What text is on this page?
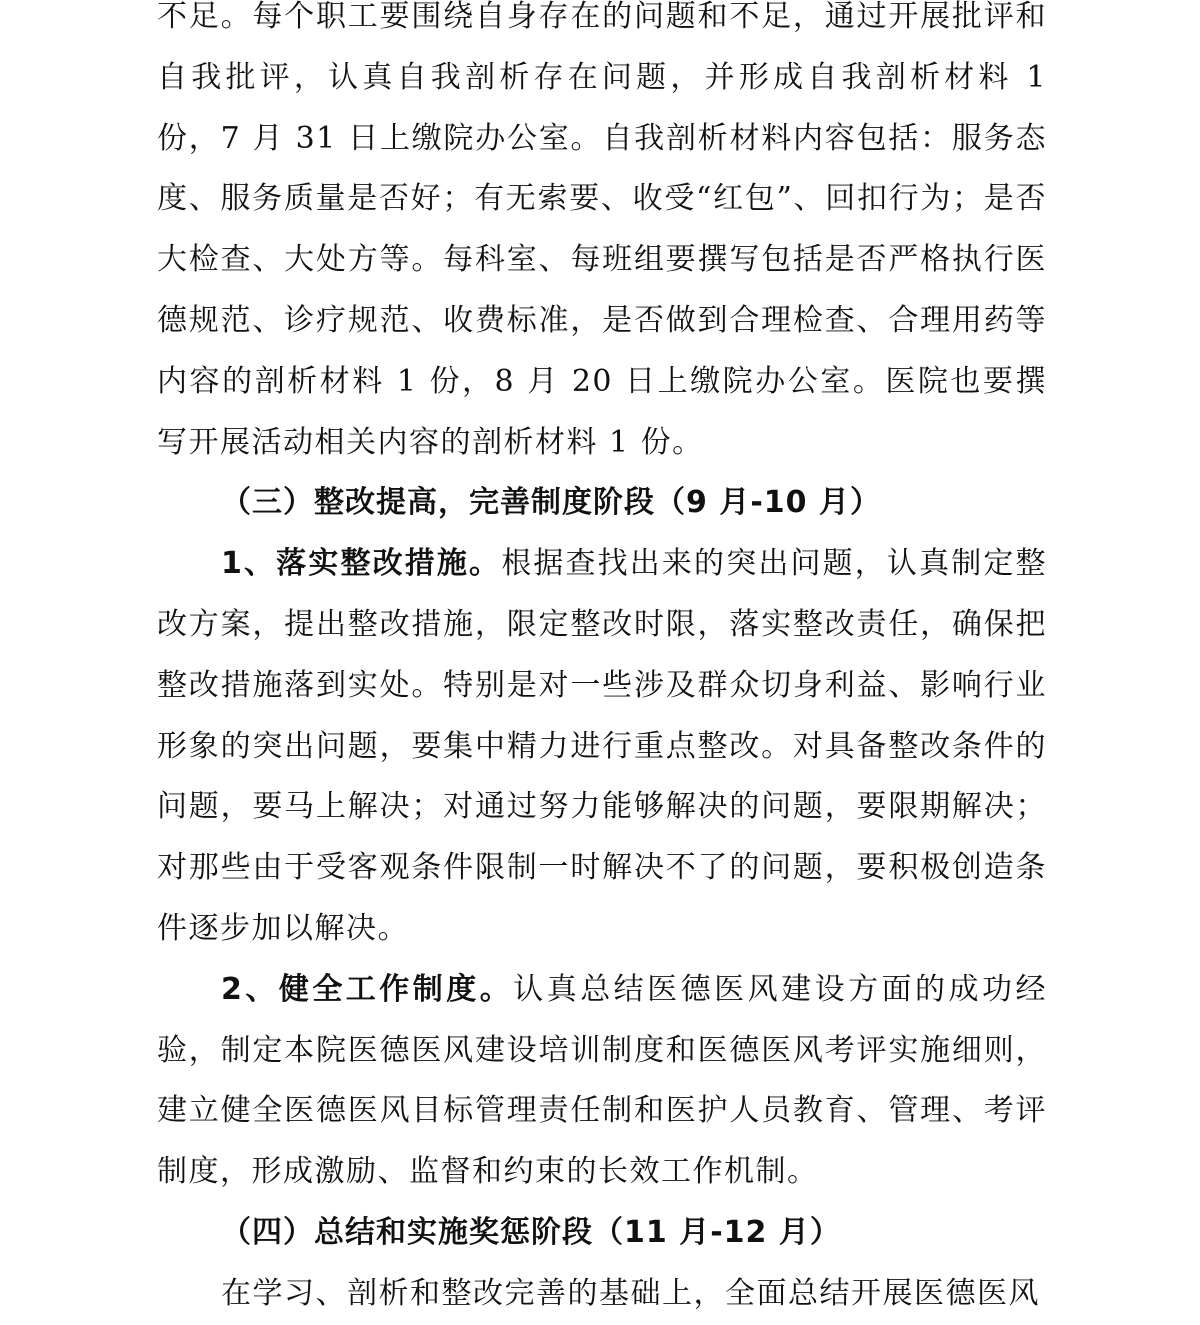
不足。每个职工要围绕自身存在的问题和不足，通过开展批评和自我批评，认真自我剖析存在问题，并形成自我剖析材料 1 份，7 月 31 日上缴院办公室。自我剖析材料内容包括：服务态度、服务质量是否好；有无索要、收受“红包”、回扣行为；是否大检查、大处方等。每科室、每班组要撰写包括是否严格执行医德规范、诊疗规范、收费标准，是否做到合理检查、合理用药等内容的剖析材料 1 份，8 月 20 日上缴院办公室。医院也要撰写开展活动相关内容的剖析材料 1 份。

（三）整改提高，完善制度阶段（9 月-10 月）

1、落实整改措施。根据查找出来的突出问题，认真制定整改方案，提出整改措施，限定整改时限，落实整改责任，确保把整改措施落到实处。特别是对一些涉及群众切身利益、影响行业形象的突出问题，要集中精力进行重点整改。对具备整改条件的问题，要马上解决；对通过努力能够解决的问题，要限期解决；对那些由于受客观条件限制一时解决不了的问题，要积极创造条件逐步加以解决。

2、健全工作制度。认真总结医德医风建设方面的成功经验，制定本院医德医风建设培训制度和医德医风考评实施细则，建立健全医德医风目标管理责任制和医护人员教育、管理、考评制度，形成激励、监督和约束的长效工作机制。

（四）总结和实施奖惩阶段（11 月-12 月）

在学习、剖析和整改完善的基础上，全面总结开展医德医风
